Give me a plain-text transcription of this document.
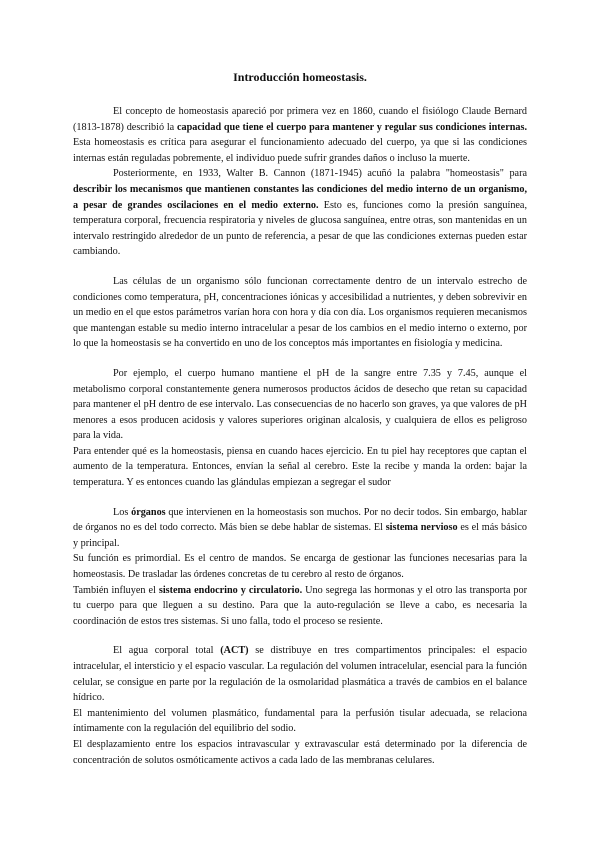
Introducción homeostasis.

El concepto de homeostasis apareció por primera vez en 1860, cuando el fisiólogo Claude Bernard (1813-1878) describió la capacidad que tiene el cuerpo para mantener y regular sus condiciones internas. Esta homeostasis es crítica para asegurar el funcionamiento adecuado del cuerpo, ya que si las condiciones internas están reguladas pobremente, el individuo puede sufrir grandes daños o incluso la muerte.

Posteriormente, en 1933, Walter B. Cannon (1871-1945) acuñó la palabra "homeostasis" para describir los mecanismos que mantienen constantes las condiciones del medio interno de un organismo, a pesar de grandes oscilaciones en el medio externo. Esto es, funciones como la presión sanguínea, temperatura corporal, frecuencia respiratoria y niveles de glucosa sanguínea, entre otras, son mantenidas en un intervalo restringido alrededor de un punto de referencia, a pesar de que las condiciones externas pueden estar cambiando.

Las células de un organismo sólo funcionan correctamente dentro de un intervalo estrecho de condiciones como temperatura, pH, concentraciones iónicas y accesibilidad a nutrientes, y deben sobrevivir en un medio en el que estos parámetros varían hora con hora y día con día. Los organismos requieren mecanismos que mantengan estable su medio interno intracelular a pesar de los cambios en el medio interno o externo, por lo que la homeostasis se ha convertido en uno de los conceptos más importantes en fisiología y medicina.

Por ejemplo, el cuerpo humano mantiene el pH de la sangre entre 7.35 y 7.45, aunque el metabolismo corporal constantemente genera numerosos productos ácidos de desecho que retan su capacidad para mantener el pH dentro de ese intervalo. Las consecuencias de no hacerlo son graves, ya que valores de pH menores a esos producen acidosis y valores superiores originan alcalosis, y cualquiera de ellos es peligroso para la vida.

Para entender qué es la homeostasis, piensa en cuando haces ejercicio. En tu piel hay receptores que captan el aumento de la temperatura. Entonces, envían la señal al cerebro. Este la recibe y manda la orden: bajar la temperatura. Y es entonces cuando las glándulas empiezan a segregar el sudor

Los órganos que intervienen en la homeostasis son muchos. Por no decir todos. Sin embargo, hablar de órganos no es del todo correcto. Más bien se debe hablar de sistemas. El sistema nervioso es el más básico y principal.

Su función es primordial. Es el centro de mandos. Se encarga de gestionar las funciones necesarias para la homeostasis. De trasladar las órdenes concretas de tu cerebro al resto de órganos.

También influyen el sistema endocrino y circulatorio. Uno segrega las hormonas y el otro las transporta por tu cuerpo para que lleguen a su destino. Para que la auto-regulación se lleve a cabo, es necesaria la coordinación de estos tres sistemas. Si uno falla, todo el proceso se resiente.

El agua corporal total (ACT) se distribuye en tres compartimentos principales: el espacio intracelular, el intersticio y el espacio vascular. La regulación del volumen intracelular, esencial para la función celular, se consigue en parte por la regulación de la osmolaridad plasmática a través de cambios en el balance hídrico.

El mantenimiento del volumen plasmático, fundamental para la perfusión tisular adecuada, se relaciona íntimamente con la regulación del equilibrio del sodio.

El desplazamiento entre los espacios intravascular y extravascular está determinado por la diferencia de concentración de solutos osmóticamente activos a cada lado de las membranas celulares.
